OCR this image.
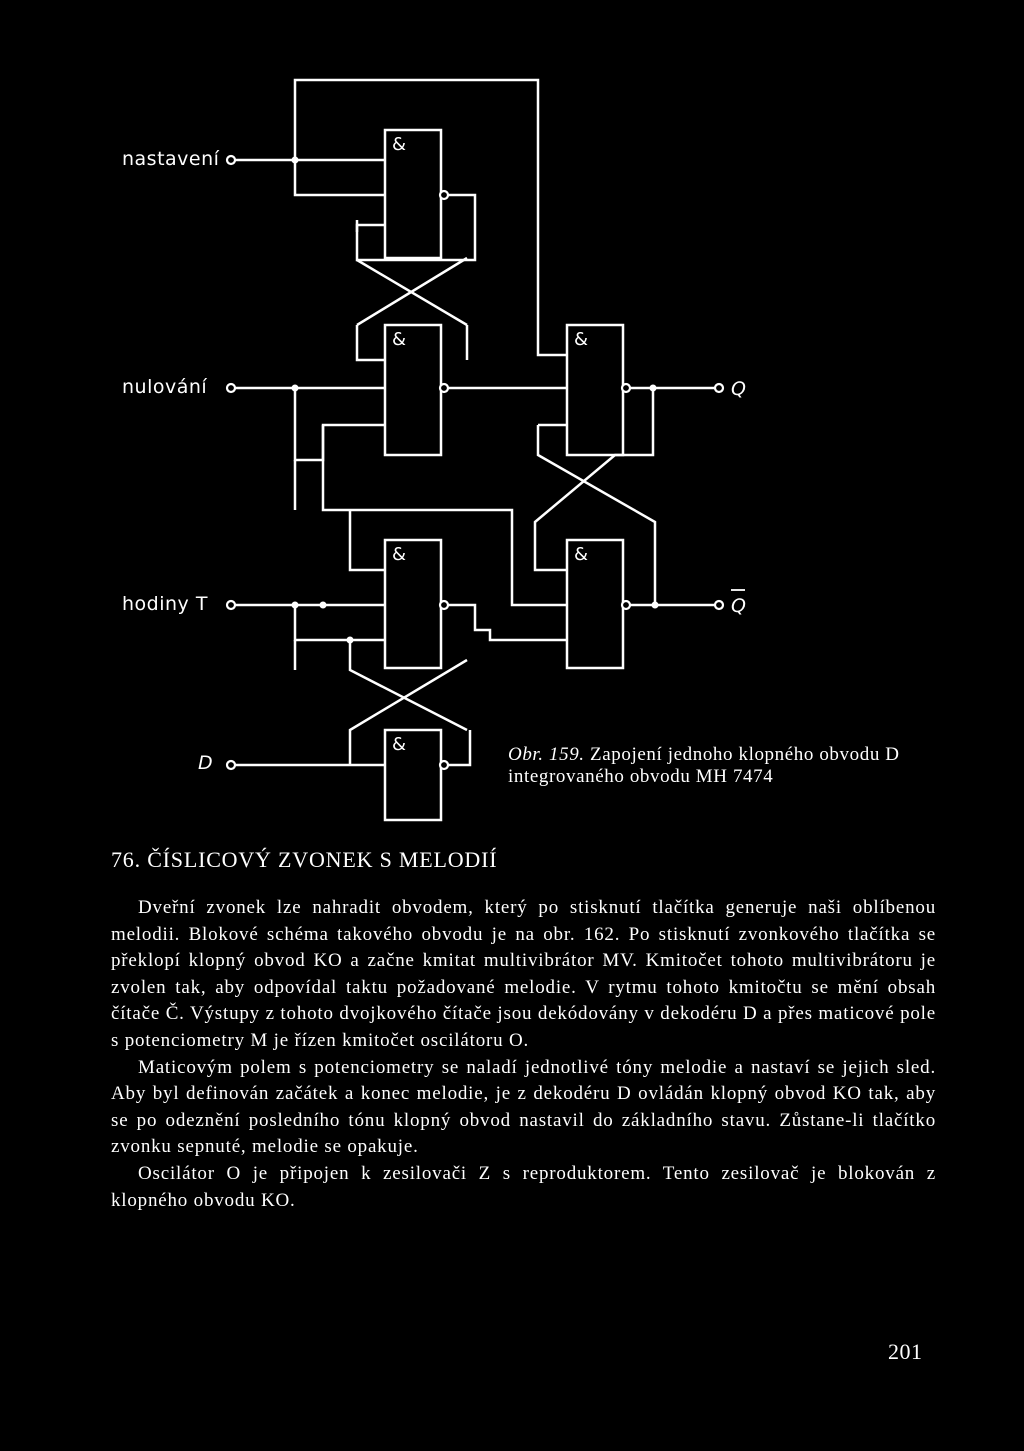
&
&
&
&
&
&
Q
Q
nastavení
nulování
hodiny T
D	Obr. 159. Zapojení jednoho klopného obvodu D integrovaného obvodu MH 7474
76. ČÍSLICOVÝ ZVONEK S MELODIÍ

Dveřní zvonek lze nahradit obvodem, který po stisknutí tlačítka generuje naši oblíbenou melodii. Blokové schéma takového obvodu je na obr. 162. Po stisknutí zvonkového tlačítka se překlopí klopný obvod KO a začne kmitat multivibrátor MV. Kmitočet tohoto multivibrátoru je zvolen tak, aby odpovídal taktu požadované melodie. V rytmu tohoto kmitočtu se mění obsah čítače Č. Výstupy z tohoto dvojkového čítače jsou dekódovány v dekodéru D a přes maticové pole s potenciometry M je řízen kmitočet oscilátoru O.

Maticovým polem s potenciometry se naladí jednotlivé tóny melodie a nastaví se jejich sled. Aby byl definován začátek a konec melodie, je z dekodéru D ovládán klopný obvod KO tak, aby se po odeznění posledního tónu klopný obvod nastavil do základního stavu. Zůstane-li tlačítko zvonku sepnuté, melodie se opakuje.

Oscilátor O je připojen k zesilovači Z s reproduktorem. Tento zesilovač je blokován z klopného obvodu KO.

201
